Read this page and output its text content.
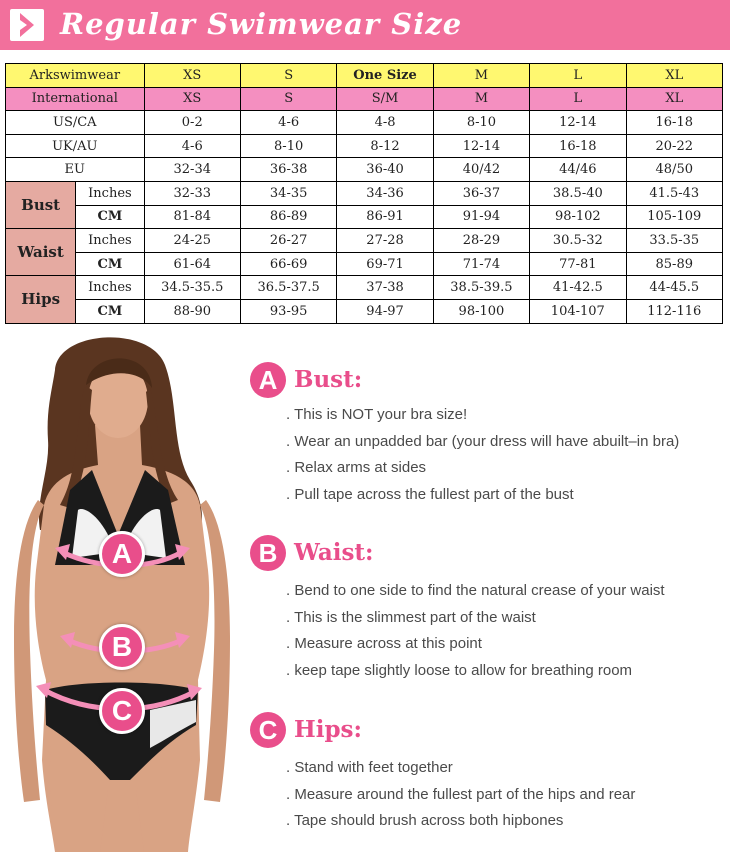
Regular Swimwear Size
Arkswimwear		XS	S	One Size	M	L	XL
International		XS	S	S/M	M	L	XL
US/CA		0-2	4-6	4-8	8-10	12-14	16-18
UK/AU		4-6	8-10	8-12	12-14	16-18	20-22
EU		32-34	36-38	36-40	40/42	44/46	48/50
Bust	Inches	32-33	34-35	34-36	36-37	38.5-40	41.5-43
	CM	81-84	86-89	86-91	91-94	98-102	105-109
Waist	Inches	24-25	26-27	27-28	28-29	30.5-32	33.5-35
	CM	61-64	66-69	69-71	71-74	77-81	85-89
Hips	Inches	34.5-35.5	36.5-37.5	37-38	38.5-39.5	41-42.5	44-45.5
	CM	88-90	93-95	94-97	98-100	104-107	112-116
A
B
C
A Bust:
. This is NOT your bra size!
. Wear an unpadded bar (your dress will have abuilt–in bra)
. Relax arms at sides
. Pull tape across the fullest part of the bust
B Waist:
. Bend to one side to find the natural crease of your waist
. This is the slimmest part of the waist
. Measure across at this point
. keep tape slightly loose to allow for breathing room
C Hips:
. Stand with feet together
. Measure around the fullest part of the hips and rear
. Tape should brush across both hipbones
